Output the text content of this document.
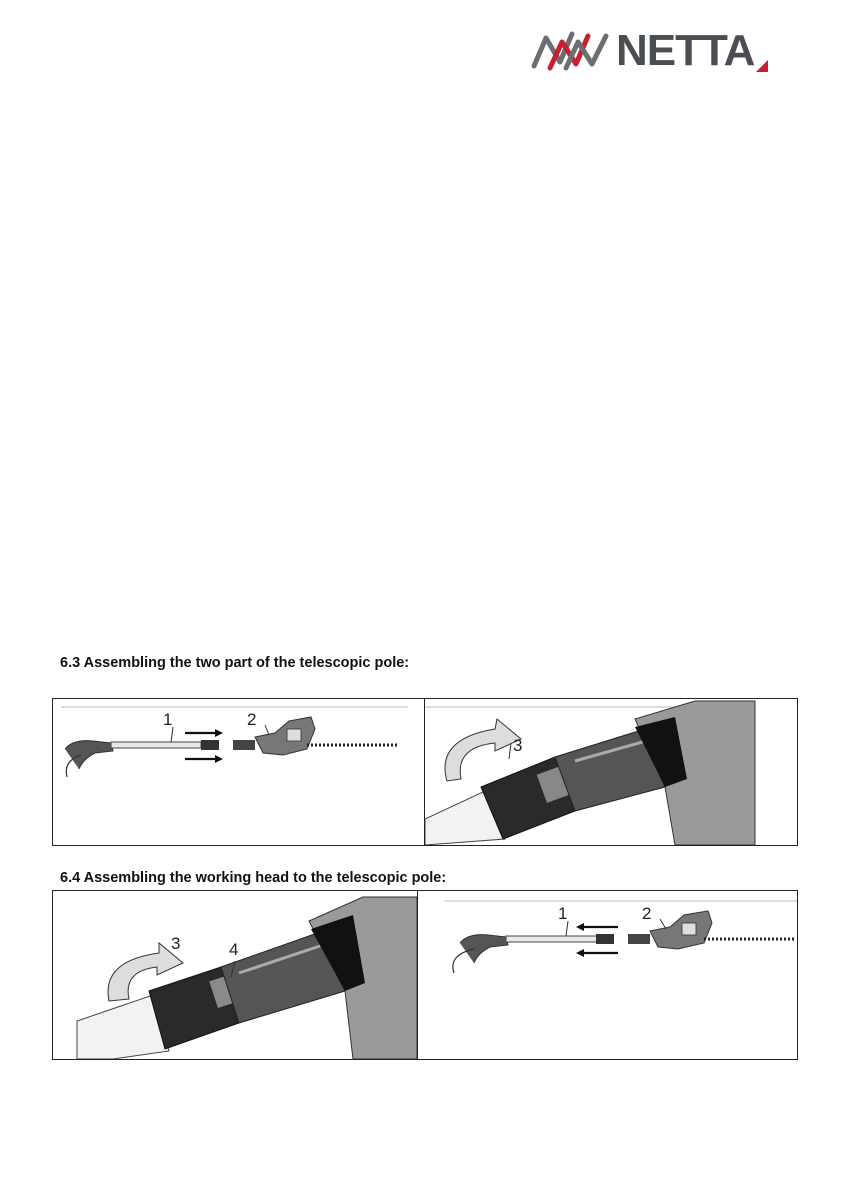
NETTA
6.3 Assembling the two part of the telescopic pole:
1	2
3
6.4 Assembling the working head to the telescopic pole:
3	4
1	2
